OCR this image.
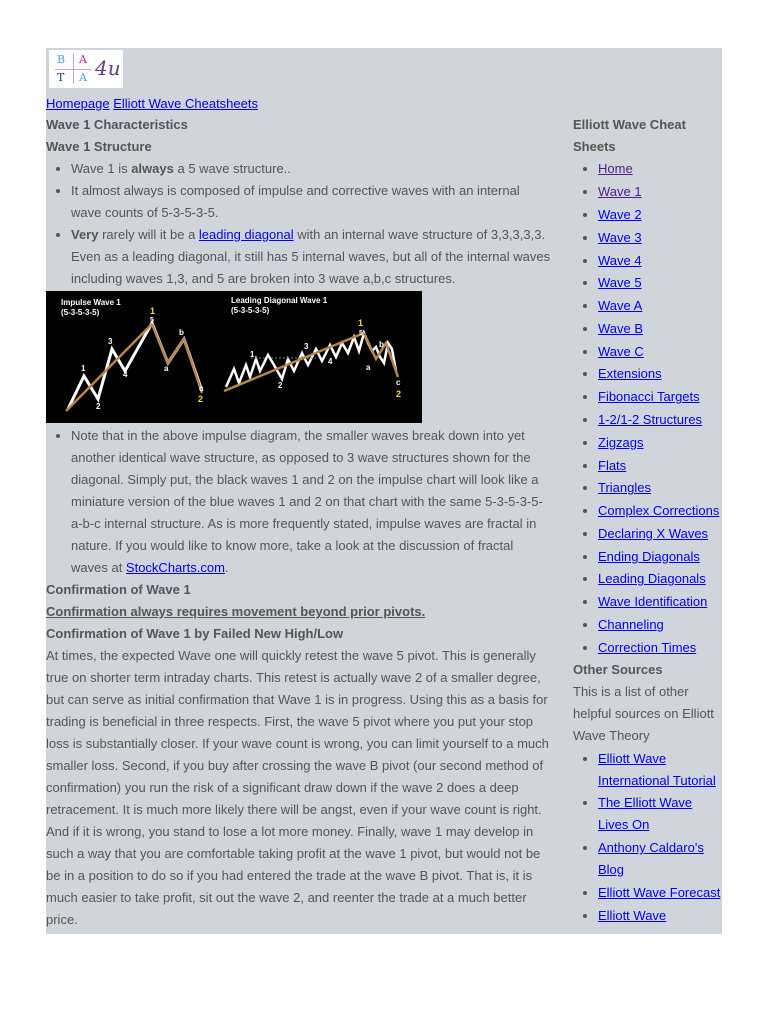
B A
T A 4u
Homepage Elliott Wave Cheatsheets
Wave 1 Characteristics
Wave 1 Structure
• Wave 1 is always a 5 wave structure..
• It almost always is composed of impulse and corrective waves with an internal wave counts of 5-3-5-3-5.
• Very rarely will it be a leading diagonal with an internal wave structure of 3,3,3,3,3. Even as a leading diagonal, it still has 5 internal waves, but all of the internal waves including waves 1,3, and 5 are broken into 3 wave a,b,c structures.
Impulse Wave 1
(5-3-5-3-5)
Leading Diagonal Wave 1
(5-3-5-3-5)
1
2
3
4
1
5
a
b
c
2
1
2
3
4
1
5
a
b
c
2
• Note that in the above impulse diagram, the smaller waves break down into yet another identical wave structure, as opposed to 3 wave structures shown for the diagonal. Simply put, the black waves 1 and 2 on the impulse chart will look like a miniature version of the blue waves 1 and 2 on that chart with the same 5-3-5-3-5-a-b-c internal structure. As is more frequently stated, impulse waves are fractal in nature. If you would like to know more, take a look at the discussion of fractal waves at StockCharts.com.
Confirmation of Wave 1
Confirmation always requires movement beyond prior pivots.
Confirmation of Wave 1 by Failed New High/Low

At times, the expected Wave one will quickly retest the wave 5 pivot. This is generally true on shorter term intraday charts. This retest is actually wave 2 of a smaller degree, but can serve as initial confirmation that Wave 1 is in progress. Using this as a basis for trading is beneficial in three respects. First, the wave 5 pivot where you put your stop loss is substantially closer. If your wave count is wrong, you can limit yourself to a much smaller loss. Second, if you buy after crossing the wave B pivot (our second method of confirmation) you run the risk of a significant draw down if the wave 2 does a deep retracement. It is much more likely there will be angst, even if your wave count is right. And if it is wrong, you stand to lose a lot more money. Finally, wave 1 may develop in such a way that you are comfortable taking profit at the wave 1 pivot, but would not be be in a position to do so if you had entered the trade at the wave B pivot. That is, it is much easier to take profit, sit out the wave 2, and reenter the trade at a much better price.

Elliott Wave Cheat Sheets
• Home
• Wave 1
• Wave 2
• Wave 3
• Wave 4
• Wave 5
• Wave A
• Wave B
• Wave C
• Extensions
• Fibonacci Targets
• 1-2/1-2 Structures
• Zigzags
• Flats
• Triangles
• Complex Corrections
• Declaring X Waves
• Ending Diagonals
• Leading Diagonals
• Wave Identification
• Channeling
• Correction Times
Other Sources

This is a list of other helpful sources on Elliott Wave Theory

• Elliott Wave International Tutorial
• The Elliott Wave Lives On
• Anthony Caldaro's Blog
• Elliott Wave Forecast
• Elliott Wave
